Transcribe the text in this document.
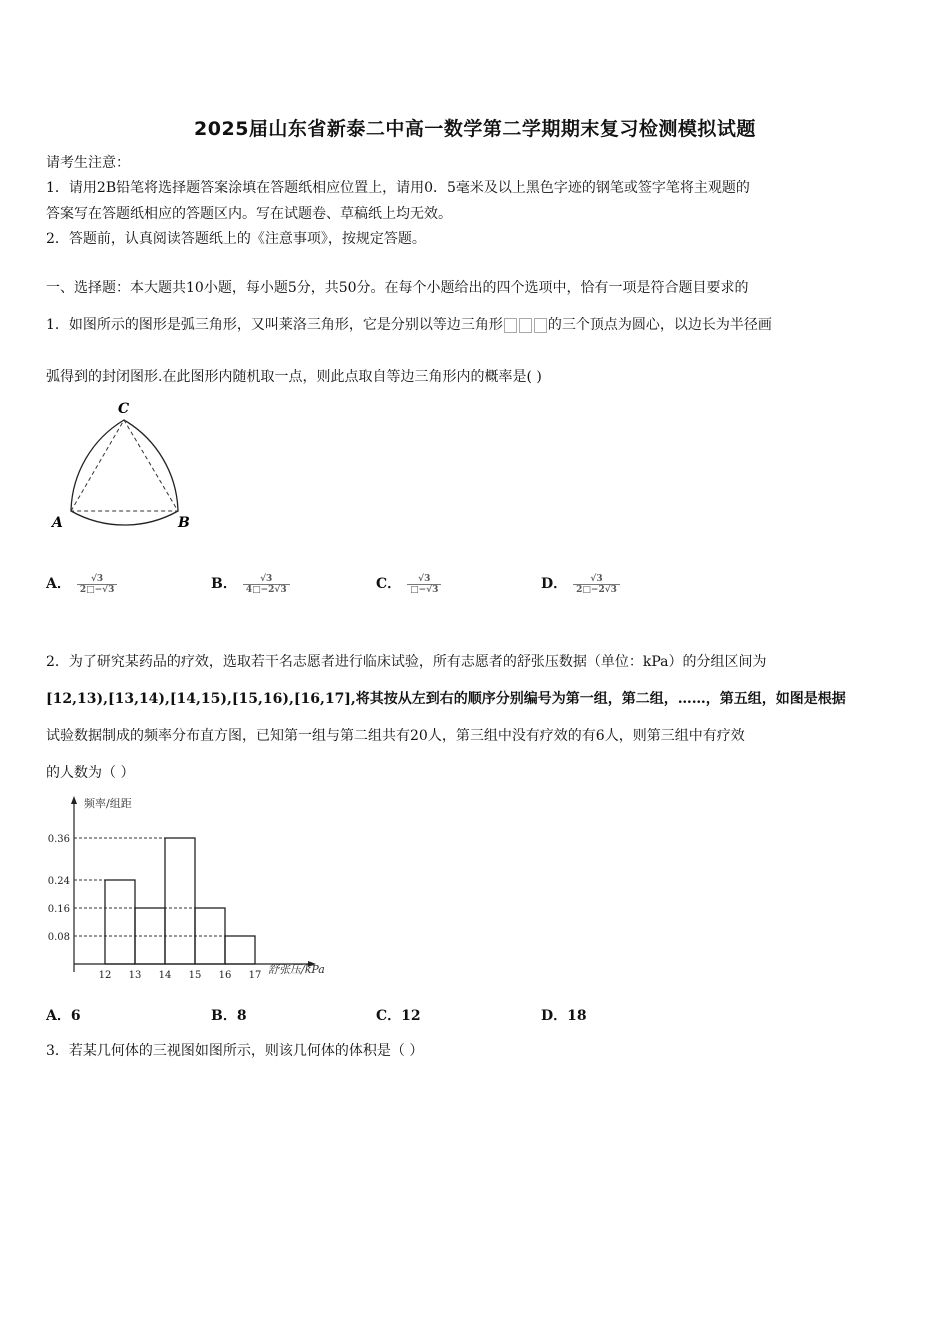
2025届山东省新泰二中高一数学第二学期期末复习检测模拟试题
请考生注意：
1．请用2B铅笔将选择题答案涂填在答题纸相应位置上，请用0．5毫米及以上黑色字迹的钢笔或签字笔将主观题的
答案写在答题纸相应的答题区内。写在试题卷、草稿纸上均无效。
2．答题前，认真阅读答题纸上的《注意事项》，按规定答题。
一、选择题：本大题共10小题，每小题5分，共50分。在每个小题给出的四个选项中，恰有一项是符合题目要求的
1．如图所示的图形是弧三角形，又叫莱洛三角形，它是分别以等边三角形	的三个顶点为圆心，以边长为半径画
弧得到的封闭图形.在此图形内随机取一点，则此点取自等边三角形内的概率是( )
C
A	B
A． $\frac{√3}{2□-√3}$	B． $\frac{√3}{4□-2√3}$	C． $\frac{√3}{□-√3}$	D． $\frac{√3}{2□-2√3}$
2．为了研究某药品的疗效，选取若干名志愿者进行临床试验，所有志愿者的舒张压数据（单位：kPa）的分组区间为
[12,13),[13,14),[14,15),[15,16),[16,17],将其按从左到右的顺序分别编号为第一组，第二组，……，第五组，如图是根据
试验数据制成的频率分布直方图，已知第一组与第二组共有20人，第三组中没有疗效的有6人，则第三组中有疗效
的人数为（ ）
0.08
0.16
0.24
0.36
12 13 14 15 16 17
频率/组距
舒张压/kPa
A．6	B．8	C．12	D．18
3．若某几何体的三视图如图所示，则该几何体的体积是（ ）
